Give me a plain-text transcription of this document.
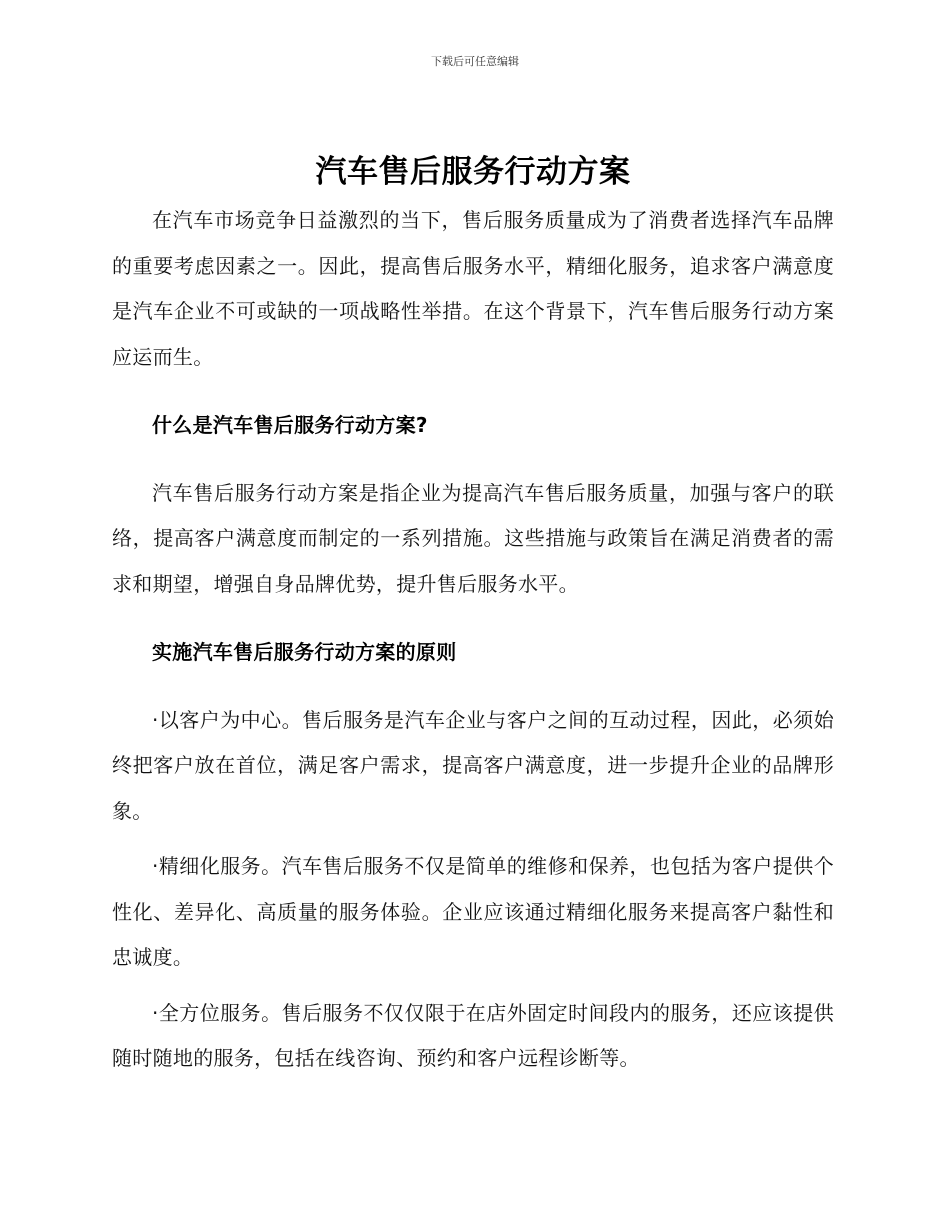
下载后可任意编辑
汽车售后服务行动方案

在汽车市场竞争日益激烈的当下，售后服务质量成为了消费者选择汽车品牌的重要考虑因素之一。因此，提高售后服务水平，精细化服务，追求客户满意度是汽车企业不可或缺的一项战略性举措。在这个背景下，汽车售后服务行动方案应运而生。

什么是汽车售后服务行动方案?

汽车售后服务行动方案是指企业为提高汽车售后服务质量，加强与客户的联络，提高客户满意度而制定的一系列措施。这些措施与政策旨在满足消费者的需求和期望，增强自身品牌优势，提升售后服务水平。

实施汽车售后服务行动方案的原则

·以客户为中心。售后服务是汽车企业与客户之间的互动过程，因此，必须始终把客户放在首位，满足客户需求，提高客户满意度，进一步提升企业的品牌形象。

·精细化服务。汽车售后服务不仅是简单的维修和保养，也包括为客户提供个性化、差异化、高质量的服务体验。企业应该通过精细化服务来提高客户黏性和忠诚度。

·全方位服务。售后服务不仅仅限于在店外固定时间段内的服务，还应该提供随时随地的服务，包括在线咨询、预约和客户远程诊断等。
